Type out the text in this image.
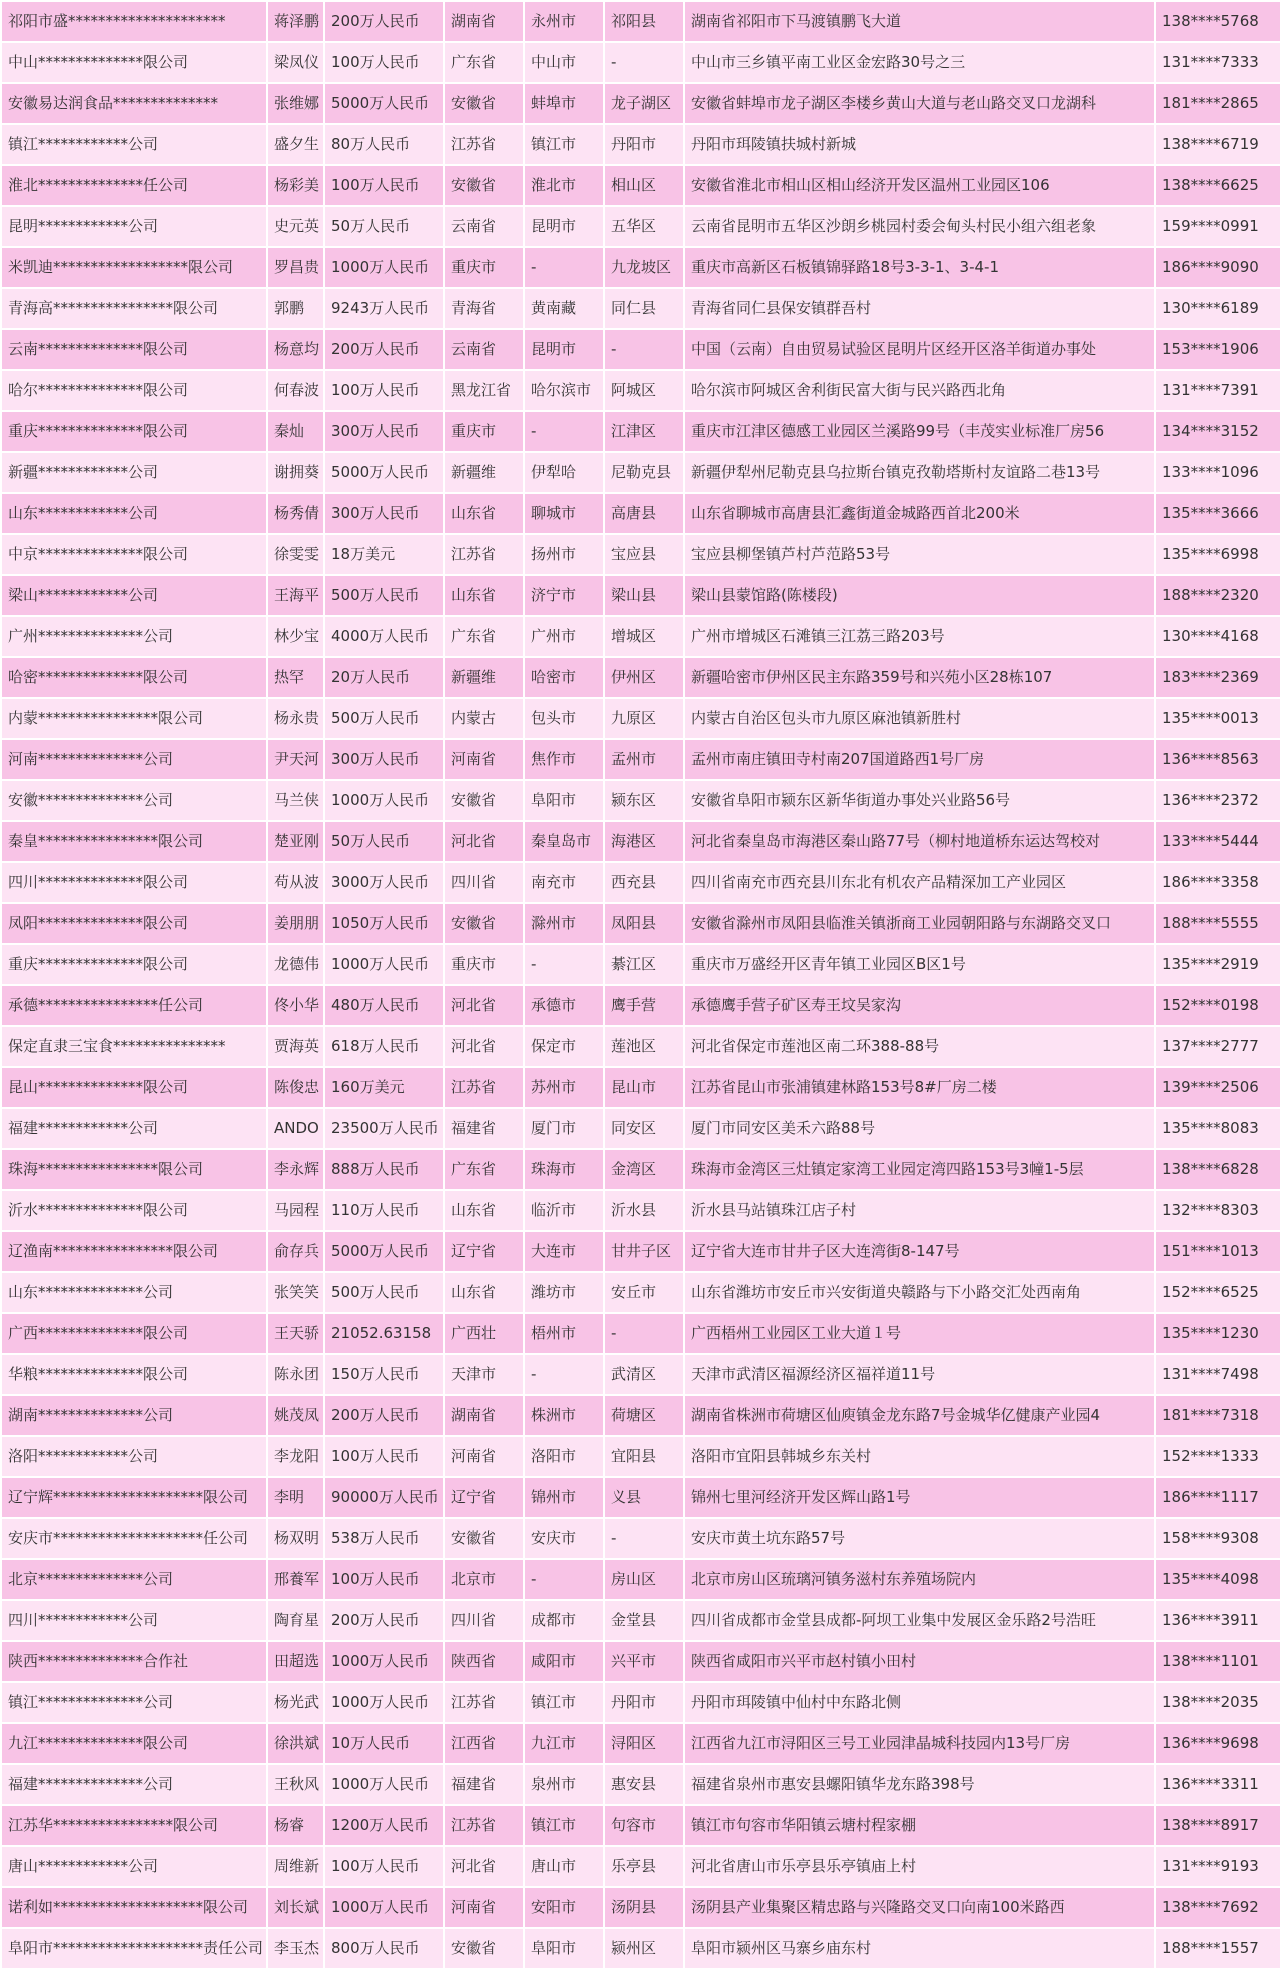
祁阳市盛*********************	蒋泽鹏	200万人民币	湖南省	永州市	祁阳县	湖南省祁阳市下马渡镇鹏飞大道	138****5768
中山**************限公司	梁凤仪	100万人民币	广东省	中山市	-	中山市三乡镇平南工业区金宏路30号之三	131****7333
安徽易达润食品**************	张维娜	5000万人民币	安徽省	蚌埠市	龙子湖区	安徽省蚌埠市龙子湖区李楼乡黄山大道与老山路交叉口龙湖科	181****2865
镇江************公司	盛夕生	80万人民币	江苏省	镇江市	丹阳市	丹阳市珥陵镇扶城村新城	138****6719
淮北**************任公司	杨彩美	100万人民币	安徽省	淮北市	相山区	安徽省淮北市相山区相山经济开发区温州工业园区106	138****6625
昆明************公司	史元英	50万人民币	云南省	昆明市	五华区	云南省昆明市五华区沙朗乡桃园村委会甸头村民小组六组老象	159****0991
米凯迪******************限公司	罗昌贵	1000万人民币	重庆市	-	九龙坡区	重庆市高新区石板镇锦驿路18号3-3-1、3-4-1	186****9090
青海高****************限公司	郭鹏	9243万人民币	青海省	黄南藏	同仁县	青海省同仁县保安镇群吾村	130****6189
云南**************限公司	杨意均	200万人民币	云南省	昆明市	-	中国（云南）自由贸易试验区昆明片区经开区洛羊街道办事处	153****1906
哈尔**************限公司	何春波	100万人民币	黑龙江省	哈尔滨市	阿城区	哈尔滨市阿城区舍利街民富大街与民兴路西北角	131****7391
重庆**************限公司	秦灿	300万人民币	重庆市	-	江津区	重庆市江津区德感工业园区兰溪路99号（丰茂实业标准厂房56	134****3152
新疆************公司	谢拥葵	5000万人民币	新疆维	伊犁哈	尼勒克县	新疆伊犁州尼勒克县乌拉斯台镇克孜勒塔斯村友谊路二巷13号	133****1096
山东************公司	杨秀倩	300万人民币	山东省	聊城市	高唐县	山东省聊城市高唐县汇鑫街道金城路西首北200米	135****3666
中京**************限公司	徐雯雯	18万美元	江苏省	扬州市	宝应县	宝应县柳堡镇芦村芦范路53号	135****6998
梁山************公司	王海平	500万人民币	山东省	济宁市	梁山县	梁山县蒙馆路(陈楼段)	188****2320
广州**************公司	林少宝	4000万人民币	广东省	广州市	增城区	广州市增城区石滩镇三江荔三路203号	130****4168
哈密**************限公司	热罕	20万人民币	新疆维	哈密市	伊州区	新疆哈密市伊州区民主东路359号和兴苑小区28栋107	183****2369
内蒙****************限公司	杨永贵	500万人民币	内蒙古	包头市	九原区	内蒙古自治区包头市九原区麻池镇新胜村	135****0013
河南**************公司	尹天河	300万人民币	河南省	焦作市	孟州市	孟州市南庄镇田寺村南207国道路西1号厂房	136****8563
安徽**************公司	马兰侠	1000万人民币	安徽省	阜阳市	颍东区	安徽省阜阳市颍东区新华街道办事处兴业路56号	136****2372
秦皇****************限公司	楚亚刚	50万人民币	河北省	秦皇岛市	海港区	河北省秦皇岛市海港区秦山路77号（柳村地道桥东运达驾校对	133****5444
四川**************限公司	苟从波	3000万人民币	四川省	南充市	西充县	四川省南充市西充县川东北有机农产品精深加工产业园区	186****3358
凤阳**************限公司	姜朋朋	1050万人民币	安徽省	滁州市	凤阳县	安徽省滁州市凤阳县临淮关镇浙商工业园朝阳路与东湖路交叉口	188****5555
重庆**************限公司	龙德伟	1000万人民币	重庆市	-	綦江区	重庆市万盛经开区青年镇工业园区B区1号	135****2919
承德****************任公司	佟小华	480万人民币	河北省	承德市	鹰手营	承德鹰手营子矿区寿王坟吴家沟	152****0198
保定直隶三宝食***************	贾海英	618万人民币	河北省	保定市	莲池区	河北省保定市莲池区南二环388-88号	137****2777
昆山**************限公司	陈俊忠	160万美元	江苏省	苏州市	昆山市	江苏省昆山市张浦镇建林路153号8#厂房二楼	139****2506
福建************公司	ANDO	23500万人民币	福建省	厦门市	同安区	厦门市同安区美禾六路88号	135****8083
珠海****************限公司	李永辉	888万人民币	广东省	珠海市	金湾区	珠海市金湾区三灶镇定家湾工业园定湾四路153号3幢1-5层	138****6828
沂水**************限公司	马园程	110万人民币	山东省	临沂市	沂水县	沂水县马站镇珠江店子村	132****8303
辽渔南****************限公司	俞存兵	5000万人民币	辽宁省	大连市	甘井子区	辽宁省大连市甘井子区大连湾街8-147号	151****1013
山东**************公司	张笑笑	500万人民币	山东省	潍坊市	安丘市	山东省潍坊市安丘市兴安街道央赣路与下小路交汇处西南角	152****6525
广西**************限公司	王天骄	21052.63158	广西壮	梧州市	-	广西梧州工业园区工业大道１号	135****1230
华粮**************限公司	陈永团	150万人民币	天津市	-	武清区	天津市武清区福源经济区福祥道11号	131****7498
湖南**************公司	姚茂凤	200万人民币	湖南省	株洲市	荷塘区	湖南省株洲市荷塘区仙庾镇金龙东路7号金城华亿健康产业园4	181****7318
洛阳************公司	李龙阳	100万人民币	河南省	洛阳市	宜阳县	洛阳市宜阳县韩城乡东关村	152****1333
辽宁辉********************限公司	李明	90000万人民币	辽宁省	锦州市	义县	锦州七里河经济开发区辉山路1号	186****1117
安庆市********************任公司	杨双明	538万人民币	安徽省	安庆市	-	安庆市黄土坑东路57号	158****9308
北京**************公司	邢養军	100万人民币	北京市	-	房山区	北京市房山区琉璃河镇务滋村东养殖场院内	135****4098
四川************公司	陶育星	200万人民币	四川省	成都市	金堂县	四川省成都市金堂县成都-阿坝工业集中发展区金乐路2号浩旺	136****3911
陕西**************合作社	田超选	1000万人民币	陕西省	咸阳市	兴平市	陕西省咸阳市兴平市赵村镇小田村	138****1101
镇江**************公司	杨光武	1000万人民币	江苏省	镇江市	丹阳市	丹阳市珥陵镇中仙村中东路北侧	138****2035
九江**************限公司	徐洪斌	10万人民币	江西省	九江市	浔阳区	江西省九江市浔阳区三号工业园津晶城科技园内13号厂房	136****9698
福建**************公司	王秋风	1000万人民币	福建省	泉州市	惠安县	福建省泉州市惠安县螺阳镇华龙东路398号	136****3311
江苏华****************限公司	杨睿	1200万人民币	江苏省	镇江市	句容市	镇江市句容市华阳镇云塘村程家棚	138****8917
唐山************公司	周维新	100万人民币	河北省	唐山市	乐亭县	河北省唐山市乐亭县乐亭镇庙上村	131****9193
诺利如********************限公司	刘长斌	1000万人民币	河南省	安阳市	汤阴县	汤阴县产业集聚区精忠路与兴隆路交叉口向南100米路西	138****7692
阜阳市********************责任公司	李玉杰	800万人民币	安徽省	阜阳市	颍州区	阜阳市颍州区马寨乡庙东村	188****1557
